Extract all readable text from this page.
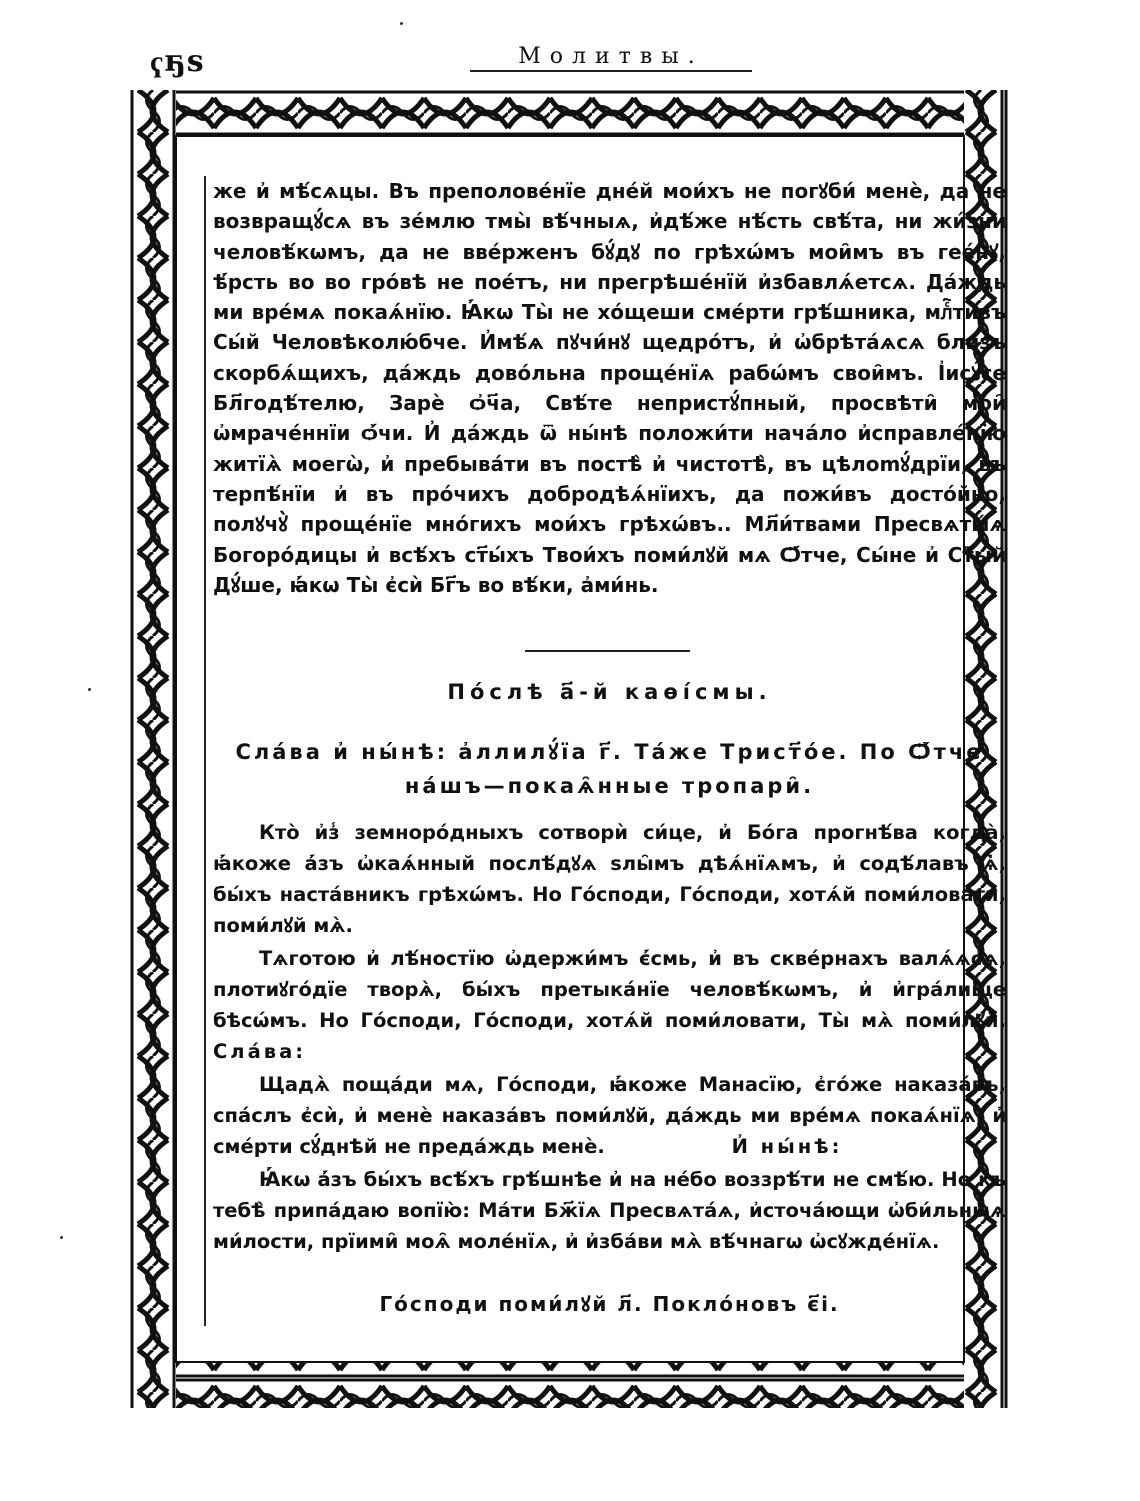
ҁҕѕ	Молитвы.

же и҆ мѣ́сѧцы. Въ преполове́нїе дне́й мои́хъ не погꙋби́ менѐ, да не возвращꙋ́сѧ въ зе́млю тмы̀ вѣ́чныѧ, и҆дѣ́же нѣ́сть свѣ́та, ни жи́зни человѣ́кѡмъ, да не вве́рженъ бꙋ́дꙋ по грѣхѡ́мъ мои̑мъ въ гее́нꙋ, ѣ҆́рсть во во гро́вѣ не пое́тъ, ни прегрѣше́нїй и҆збавлѧ́етсѧ. Да́ждь ми вре́мѧ покаѧ́нїю. Ꙗ҆́кѡ Ты̀ не хо́щеши сме́рти грѣ́шника, млⷭ҇ти́въ Сы́й Человѣколю́бче. И҆мѣ́ѧ пꙋчи́нꙋ щедро́тъ, и҆ ѡ҆брѣта́ѧсѧ бли́зъ скорбѧ́щихъ, да́ждь дово́льна проще́нїѧ рабѡ́мъ свои̑мъ. І҆исꙋ́се Бл҃годѣ́телю, Зарѐ ѻ҆ч҃а, Свѣ́те непристꙋ́пный, просвѣти̑ мои̑ ѡ҆мраче́ннїи ѻ҆́чи. И҆ да́ждь ѿ ны́нѣ положи́ти нача́ло и҆справле́нїю житїѧ̀ моегѡ̀, и҆ пребыва́ти въ постѣ̀ и҆ чистотѣ̀, въ цѣлomꙋ́дрїи, въ терпѣ́нїи и҆ въ про́чихъ добродѣѧ́нїихъ, да пожи́въ досто́йно, полꙋчꙋ̀ проще́нїе мно́гихъ мои́хъ грѣхѡ́въ.. Мл҃и́твами Пресвѧты́ѧ Богоро́дицы и҆ всѣ́хъ ст҃ы́хъ Твои́хъ поми́лꙋй мѧ Ѻ҆́тче, Сы́не и҆ Ст҃ы́й Дꙋ́ше, ꙗ҆́кѡ Ты̀ є҆сѝ Бг҃ъ во вѣ́ки, а҆ми́нь.

По́слѣ а҃-й каѳі́смы.

Сла́ва и҆ ны́нѣ: а҆ллилꙋ́їа г҃. Та́же Трист҃о́е. По Ѻ҆́тче на́шъ—покаѧ̑нные тропари̑.

Кто̀ и҆з̾ земноро́дныхъ сотворѝ си́це, и҆ Бо́га прогнѣ́ва когда̀, ꙗ҆́коже а҆́зъ ѡ҆каѧ́нный послѣ́дꙋѧ ѕлы̑мъ дѣѧ́нїѧмъ, и҆ содѣ́лавъ ѧ҆̀, бы́хъ наста́вникъ грѣхѡ́мъ. Но Го́споди, Го́споди, хотѧ́й поми́ловати, поми́лꙋй мѧ̀.

Тѧготою и҆ лѣ́ностїю ѡ҆держи́мъ є҆́смь, и҆ въ скве́рнахъ валѧ́ѧсѧ, плотиꙋго́дїе творѧ̀, бы́хъ претыка́нїе человѣ́кѡмъ, и҆ и҆гра́лище бѣсѡ́мъ. Но Го́споди, Го́споди, хотѧ́й поми́ловати, Ты̀ мѧ̀ поми́лꙋй. Сла́ва:

Щадѧ̀ поща́ди мѧ, Го́споди, ꙗ҆́коже Манасїю, є҆го́же наказа́въ, спа́слъ є҆сѝ, и҆ менѐ наказа́въ поми́лꙋй, да́ждь ми вре́мѧ покаѧ́нїѧ, и҆ сме́рти сꙋ́днѣй не преда́ждь менѐ.	И҆ ны́нѣ:

Ꙗ҆́кѡ а҆́зъ бы́хъ всѣ́хъ грѣ́шнѣе и҆ на не́бо воззрѣ́ти не смѣ́ю. Но къ тебѣ̀ припа́даю вопїю̀: Ма́ти Бж҃їѧ Пресвѧта́ѧ, и҆сточа́ющи ѡ҆би́льныѧ ми́лости, прїими̑ моѧ̑ моле́нїѧ, и҆ и҆зба́ви мѧ̀ вѣ́чнагѡ ѡ҆сꙋжде́нїѧ.

Го́споди поми́лꙋй л҃. Покло́новъ є҃і.
